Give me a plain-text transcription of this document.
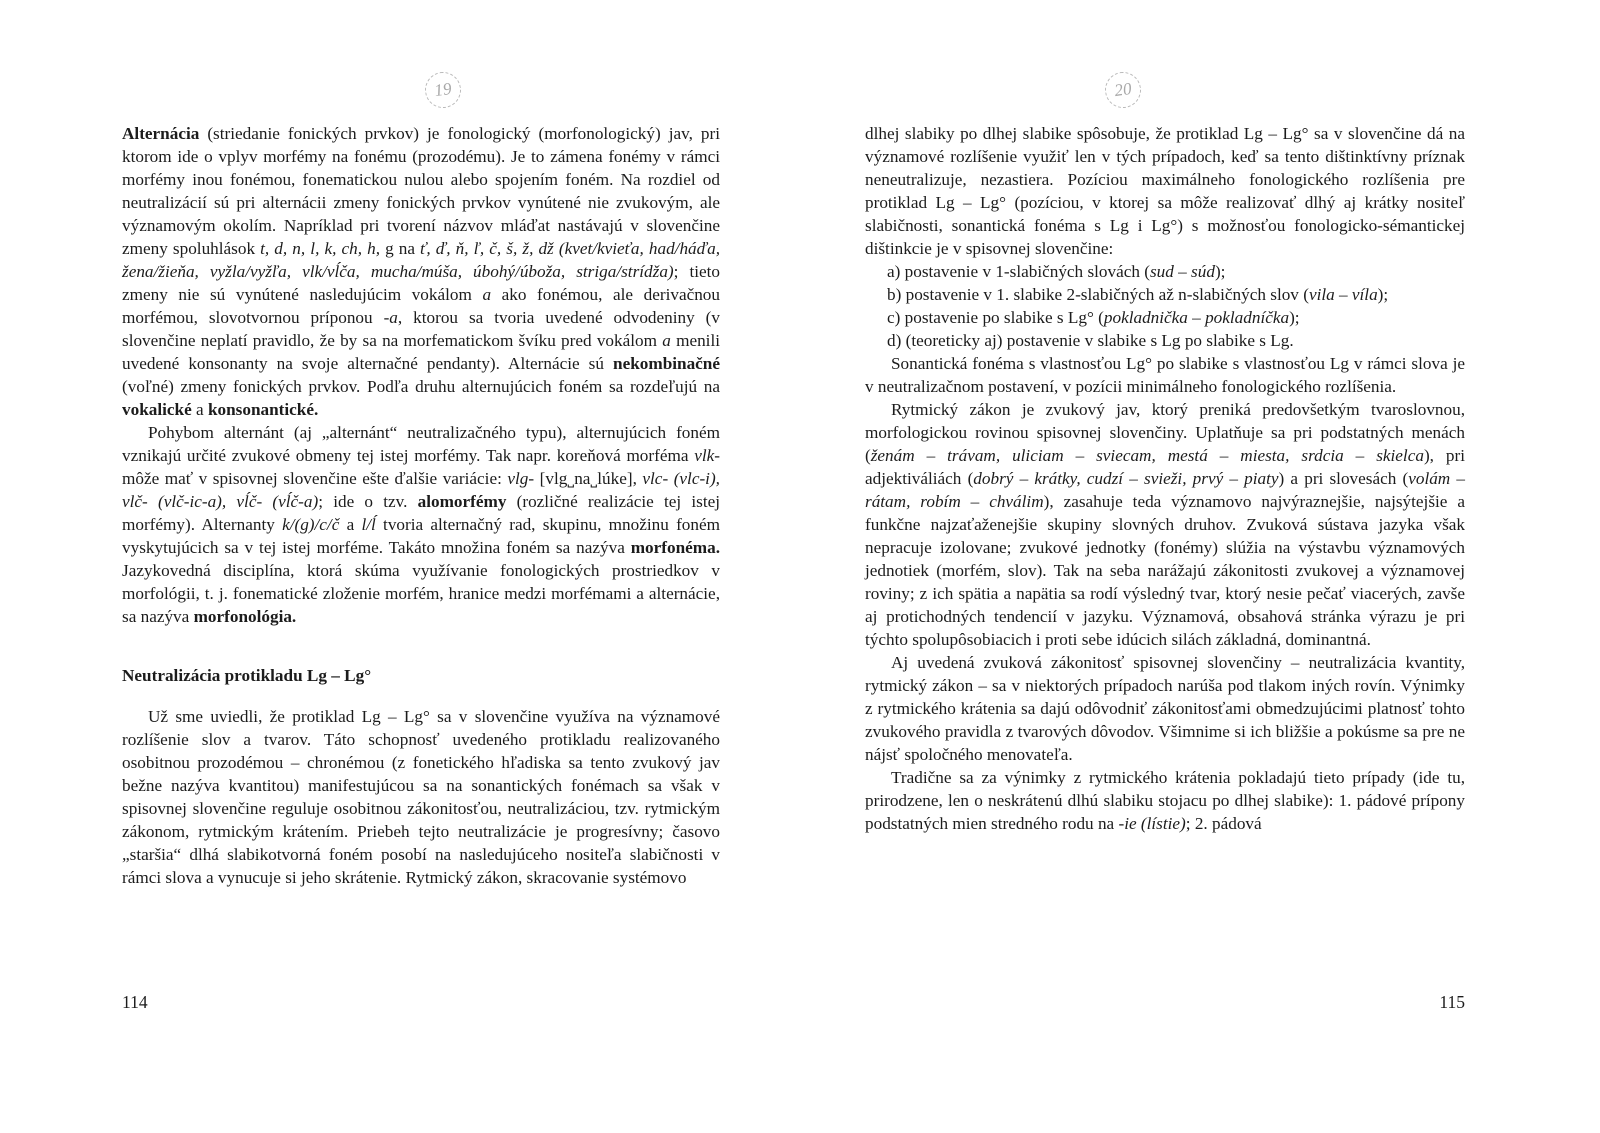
19

Alternácia (striedanie fonických prvkov) je fonologický (morfonologický) jav, pri ktorom ide o vplyv morfémy na fonému (prozodému). Je to zámena fonémy v rámci morfémy inou fonémou, fonematickou nulou alebo spojením foném. Na rozdiel od neutralizácií sú pri alternácii zmeny fonických prvkov vynútené nie zvukovým, ale významovým okolím. Napríklad pri tvorení názvov mláďat nastávajú v slovenčine zmeny spoluhlások t, d, n, l, k, ch, h, g na ť, ď, ň, ľ, č, š, ž, dž (kvet/kvieťa, had/háďa, žena/žieňa, vyžla/vyžľa, vlk/vĺča, mucha/múša, úbohý/úboža, striga/strídža); tieto zmeny nie sú vynútené nasledujúcim vokálom a ako fonémou, ale derivačnou morfémou, slovotvornou príponou -a, ktorou sa tvoria uvedené odvodeniny (v slovenčine neplatí pravidlo, že by sa na morfematickom švíku pred vokálom a menili uvedené konsonanty na svoje alternačné pendanty). Alternácie sú nekombinačné (voľné) zmeny fonických prvkov. Podľa druhu alternujúcich foném sa rozdeľujú na vokalické a konsonantické.

Pohybom alternánt (aj „alternánt“ neutralizačného typu), alternujúcich foném vznikajú určité zvukové obmeny tej istej morfémy. Tak napr. koreňová morféma vlk- môže mať v spisovnej slovenčine ešte ďalšie variácie: vlg- [vlg˽na˽lúke], vlc- (vlc-i), vlč- (vlč-ic-a), vĺč- (vĺč-a); ide o tzv. alomorfémy (rozličné realizácie tej istej morfémy). Alternanty k/(g)/c/č a l/ĺ tvoria alternačný rad, skupinu, množinu foném vyskytujúcich sa v tej istej morféme. Takáto množina foném sa nazýva morfonéma. Jazykovedná disciplína, ktorá skúma využívanie fonologických prostriedkov v morfológii, t. j. fonematické zloženie morfém, hranice medzi morfémami a alternácie, sa nazýva morfonológia.

Neutralizácia protikladu Lg – Lg°

Už sme uviedli, že protiklad Lg – Lg° sa v slovenčine využíva na významové rozlíšenie slov a tvarov. Táto schopnosť uvedeného protikladu realizovaného osobitnou prozodémou – chronémou (z fonetického hľadiska sa tento zvukový jav bežne nazýva kvantitou) manifestujúcou sa na sonantických fonémach sa však v spisovnej slovenčine reguluje osobitnou zákonitosťou, neutralizáciou, tzv. rytmickým zákonom, rytmickým krátením. Priebeh tejto neutralizácie je progresívny; časovo „staršia“ dlhá slabikotvorná foném posobí na nasledujúceho nositeľa slabičnosti v rámci slova a vynucuje si jeho skrátenie. Rytmický zákon, skracovanie systémovo

114
20

dlhej slabiky po dlhej slabike spôsobuje, že protiklad Lg – Lg° sa v slovenčine dá na významové rozlíšenie využiť len v tých prípadoch, keď sa tento dištinktívny príznak neneutralizuje, nezastiera. Pozíciou maximálneho fonologického rozlíšenia pre protiklad Lg – Lg° (pozíciou, v ktorej sa môže realizovať dlhý aj krátky nositeľ slabičnosti, sonantická fonéma s Lg i Lg°) s možnosťou fonologicko-sémantickej dištinkcie je v spisovnej slovenčine:

a) postavenie v 1-slabičných slovách (sud – súd);

b) postavenie v 1. slabike 2-slabičných až n-slabičných slov (vila – víla);

c) postavenie po slabike s Lg° (pokladnička – pokladníčka);

d) (teoreticky aj) postavenie v slabike s Lg po slabike s Lg.

Sonantická fonéma s vlastnosťou Lg° po slabike s vlastnosťou Lg v rámci slova je v neutralizačnom postavení, v pozícii minimálneho fonologického rozlíšenia.

Rytmický zákon je zvukový jav, ktorý preniká predovšetkým tvaroslovnou, morfologickou rovinou spisovnej slovenčiny. Uplatňuje sa pri podstatných menách (ženám – trávam, uliciam – sviecam, mestá – miesta, srdcia – skielca), pri adjektiváliách (dobrý – krátky, cudzí – svieži, prvý – piaty) a pri slovesách (volám – rátam, robím – chválim), zasahuje teda významovo najvýraznejšie, najsýtejšie a funkčne najzaťaženejšie skupiny slovných druhov. Zvuková sústava jazyka však nepracuje izolovane; zvukové jednotky (fonémy) slúžia na výstavbu významových jednotiek (morfém, slov). Tak na seba narážajú zákonitosti zvukovej a významovej roviny; z ich spätia a napätia sa rodí výsledný tvar, ktorý nesie pečať viacerých, zavše aj protichodných tendencií v jazyku. Významová, obsahová stránka výrazu je pri týchto spolupôsobiacich i proti sebe idúcich silách základná, dominantná.

Aj uvedená zvuková zákonitosť spisovnej slovenčiny – neutralizácia kvantity, rytmický zákon – sa v niektorých prípadoch narúša pod tlakom iných rovín. Výnimky z rytmického krátenia sa dajú odôvodniť zákonitosťami obmedzujúcimi platnosť tohto zvukového pravidla z tvarových dôvodov. Všimnime si ich bližšie a pokúsme sa pre ne nájsť spoločného menovateľa.

Tradične sa za výnimky z rytmického krátenia pokladajú tieto prípady (ide tu, prirodzene, len o neskrátenú dlhú slabiku stojacu po dlhej slabike): 1. pádové prípony podstatných mien stredného rodu na -ie (lístie); 2. pádová

115
